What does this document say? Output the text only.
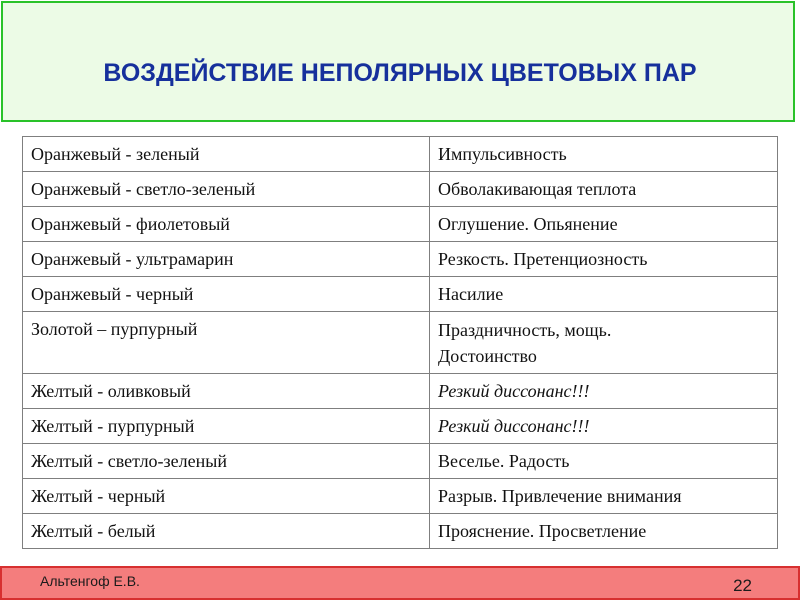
ВОЗДЕЙСТВИЕ НЕПОЛЯРНЫХ ЦВЕТОВЫХ ПАР
Оранжевый - зеленый	Импульсивность
Оранжевый - светло-зеленый	Обволакивающая теплота
Оранжевый - фиолетовый	Оглушение. Опьянение
Оранжевый - ультрамарин	Резкость. Претенциозность
Оранжевый - черный	Насилие
Золотой – пурпурный	Праздничность, мощь.
Достоинство

Желтый - оливковый	Резкий диссонанс!!!
Желтый - пурпурный	Резкий диссонанс!!!
Желтый - светло-зеленый	Веселье. Радость
Желтый - черный	Разрыв. Привлечение внимания
Желтый - белый	Прояснение. Просветление
Альтенгоф Е.В.	22
